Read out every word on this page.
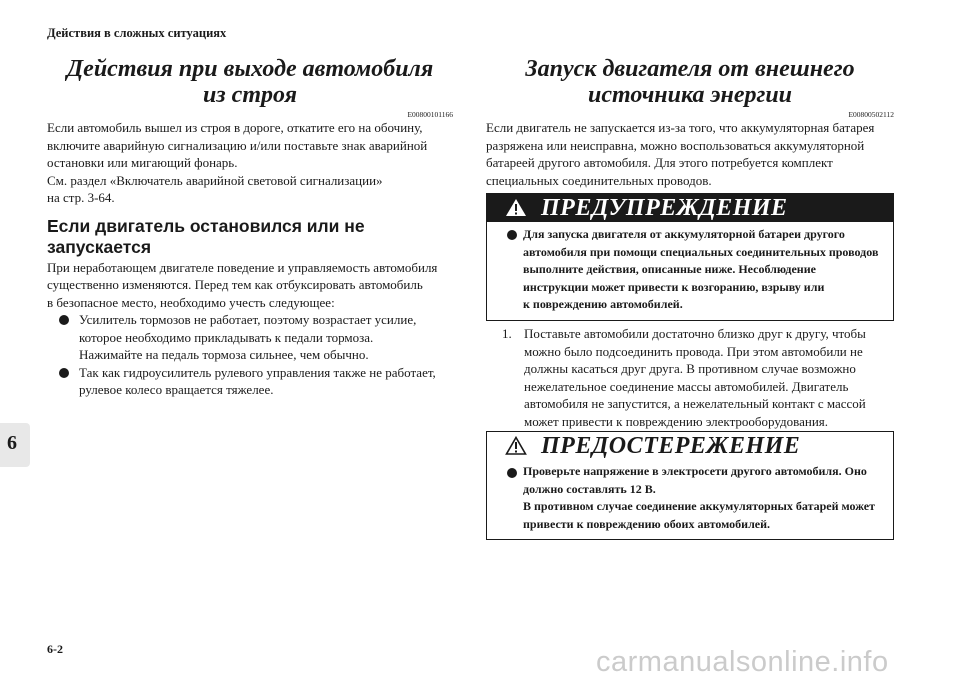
Действия в сложных ситуациях
6
Действия при выходе автомобиля
из строя
E00800101166
Если автомобиль вышел из строя в дороге, откатите его на обочину,
включите аварийную сигнализацию и/или поставьте знак аварийной
остановки или мигающий фонарь.
См. раздел «Включатель аварийной световой сигнализации»
на стр. 3-64.
Если двигатель остановился или не запускается
При неработающем двигателе поведение и управляемость автомобиля
существенно изменяются. Перед тем как отбуксировать автомобиль
в безопасное место, необходимо учесть следующее:
Усилитель тормозов не работает, поэтому возрастает усилие,
которое необходимо прикладывать к педали тормоза.
Нажимайте на педаль тормоза сильнее, чем обычно.
Так как гидроусилитель рулевого управления также не работает,
рулевое колесо вращается тяжелее.
Запуск двигателя от внешнего
источника энергии
E00800502112
Если двигатель не запускается из-за того, что аккумуляторная батарея
разряжена или неисправна, можно воспользоваться аккумуляторной
батареей другого автомобиля. Для этого потребуется комплект
специальных соединительных проводов.
ПРЕДУПРЕЖДЕНИЕ
Для запуска двигателя от аккумуляторной батареи другого
автомобиля при помощи специальных соединительных проводов
выполните действия, описанные ниже. Несоблюдение
инструкции может привести к возгоранию, взрыву или
к повреждению автомобилей.
1. Поставьте автомобили достаточно близко друг к другу, чтобы
можно было подсоединить провода. При этом автомобили не
должны касаться друг друга. В противном случае возможно
нежелательное соединение массы автомобилей. Двигатель
автомобиля не запустится, а нежелательный контакт с массой
может привести к повреждению электрооборудования.
ПРЕДОСТЕРЕЖЕНИЕ
Проверьте напряжение в электросети другого автомобиля. Оно
должно составлять 12 В.
В противном случае соединение аккумуляторных батарей может
привести к повреждению обоих автомобилей.
6-2	carmanualsonline.info
